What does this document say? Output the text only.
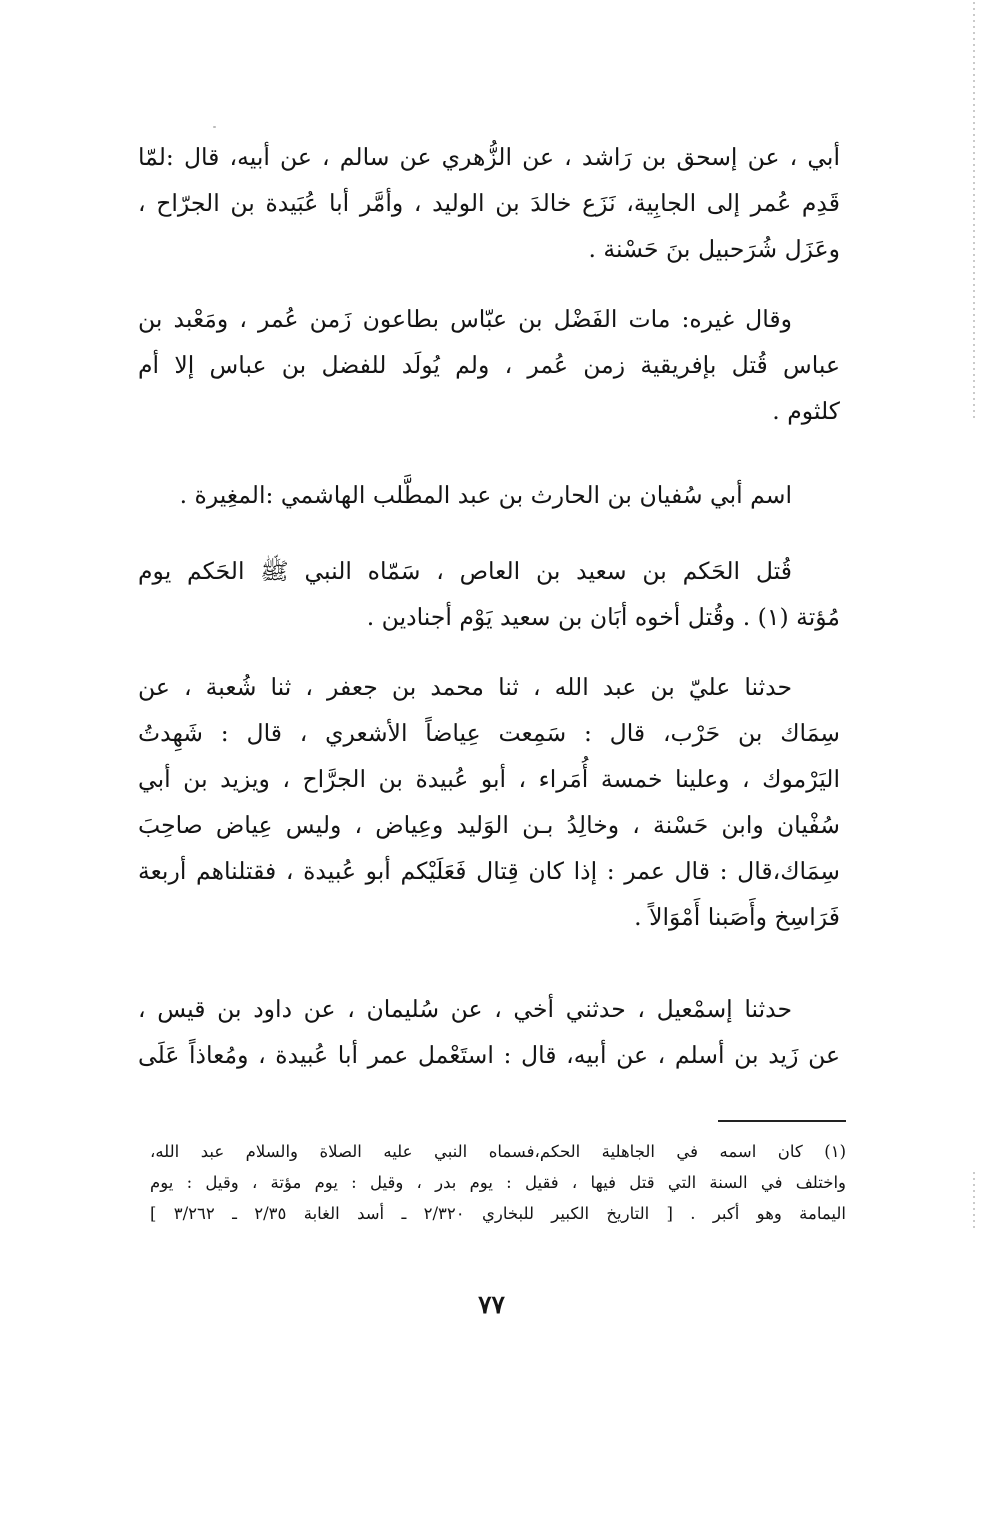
أبي ، عن إسحق بن رَاشد ، عن الزُّهري عن سالم ، عن أبيه، قال :لمّا
قَدِم عُمر إلى الجابِية، نَزَع خالدَ بن الوليد ، وأمَّر أبا عُبَيدة بن الجرّاح ،
وعَزَل شُرَحبيل بنَ حَسْنة .
وقال غيره: مات الفَضْل بن عبّاس بطاعون زَمن عُمر ، ومَعْبد بن
عباس قُتل بإفريقية زمن عُمر ، ولم يُولَد للفضل بن عباس إلا أم
كلثوم .
اسم أبي سُفيان بن الحارث بن عبد المطَّلب الهاشمي :المغِيرة .
قُتل الحَكم بن سعيد بن العاص ، سَمّاه النبي ﷺ الحَكم يوم
مُؤتة (١) . وقُتل أخوه أبَان بن سعيد يَوْم أجنادين .
حدثنا عليّ بن عبد الله ، ثنا محمد بن جعفر ، ثنا شُعبة ، عن
سِمَاك بن حَرْب، قال : سَمِعت عِياضاً الأشعري ، قال : شَهِدتُ
اليَرْموك ، وعلينا خمسة أُمَراء ، أبو عُبيدة بن الجرَّاح ، ويزيد بن أبي
سُفْيان وابن حَسْنة ، وخالِدُ بـن الوَليد وعِياض ، وليس عِياض صاحِبَ
سِمَاك،قال : قال عمر : إذا كان قِتال فَعَلَيْكم أبو عُبيدة ، فقتلناهم أربعة
فَرَاسِخ وأَصَبنا أَمْوَالاً .
حدثنا إسمْعيل ، حدثني أخي ، عن سُليمان ، عن داود بن قيس ،
عن زَيد بن أسلم ، عن أبيه، قال : استَعْمل عمر أبا عُبيدة ، ومُعاذاً عَلَى
(١) كان اسمه في الجاهلية الحكم،فسماه النبي عليه الصلاة والسلام عبد الله،
واختلف في السنة التي قتل فيها ، فقيل : يوم بدر ، وقيل : يوم مؤتة ، وقيل : يوم
اليمامة وهو أكبر . [ التاريخ الكبير للبخاري ٢/٣٢٠ ـ أسد الغابة ٢/٣٥ ـ ٣/٢٦٢ ]
٧٧
